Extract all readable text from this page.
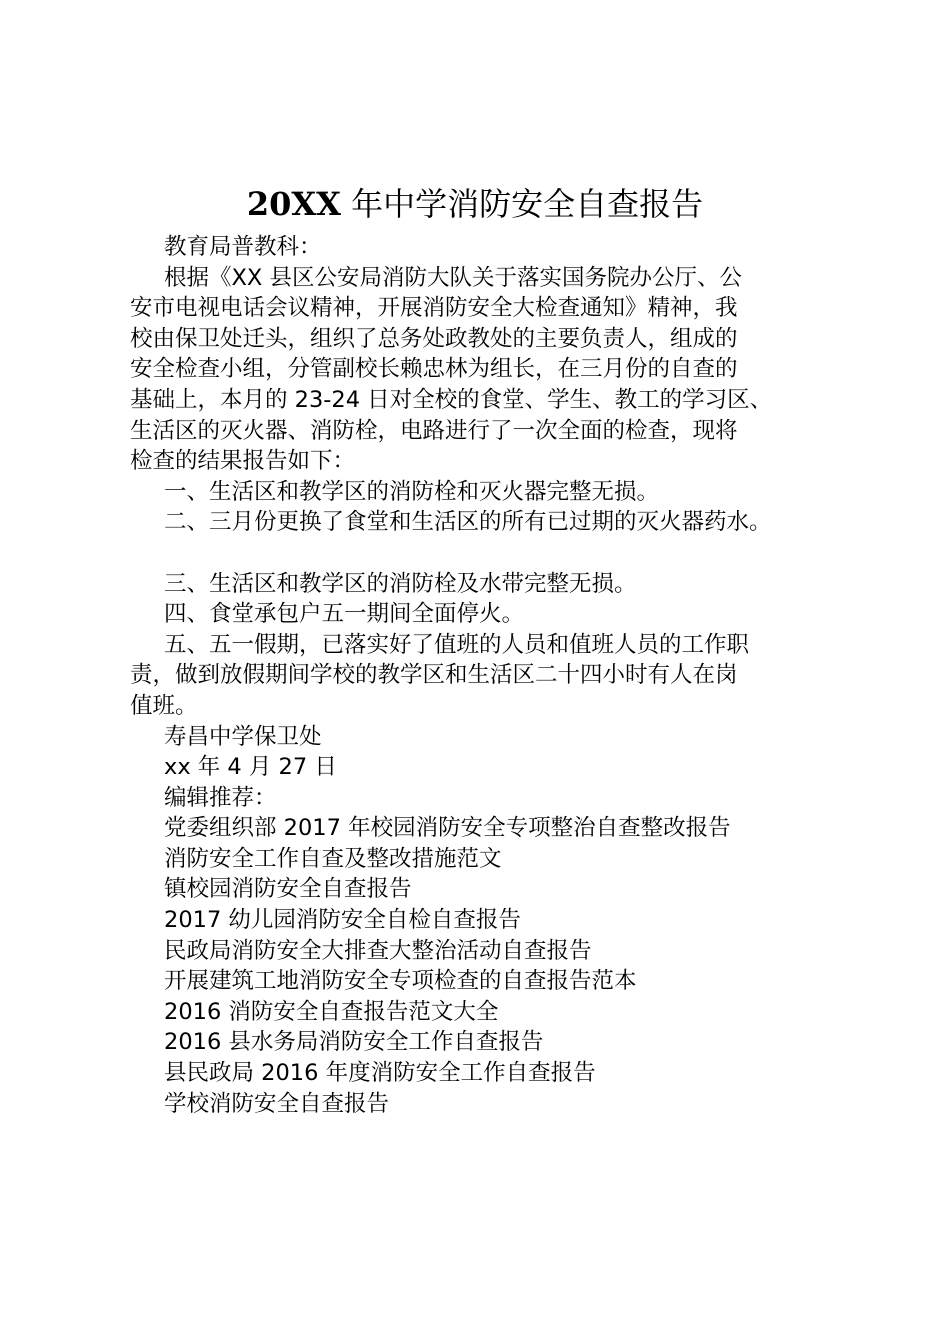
20XX 年中学消防安全自查报告
教育局普教科：
根据《XX 县区公安局消防大队关于落实国务院办公厅、公
安市电视电话会议精神，开展消防安全大检查通知》精神，我
校由保卫处迁头，组织了总务处政教处的主要负责人，组成的
安全检查小组，分管副校长赖忠林为组长，在三月份的自查的
基础上，本月的 23-24 日对全校的食堂、学生、教工的学习区、
生活区的灭火器、消防栓，电路进行了一次全面的检查，现将
检查的结果报告如下：
一、生活区和教学区的消防栓和灭火器完整无损。
二、三月份更换了食堂和生活区的所有已过期的灭火器药水。
三、生活区和教学区的消防栓及水带完整无损。
四、食堂承包户五一期间全面停火。
五、五一假期，已落实好了值班的人员和值班人员的工作职
责，做到放假期间学校的教学区和生活区二十四小时有人在岗
值班。
寿昌中学保卫处
xx 年 4 月 27 日
编辑推荐：
党委组织部 2017 年校园消防安全专项整治自查整改报告
消防安全工作自查及整改措施范文
镇校园消防安全自查报告
2017 幼儿园消防安全自检自查报告
民政局消防安全大排查大整治活动自查报告
开展建筑工地消防安全专项检查的自查报告范本
2016 消防安全自查报告范文大全
2016 县水务局消防安全工作自查报告
县民政局 2016 年度消防安全工作自查报告
学校消防安全自查报告
